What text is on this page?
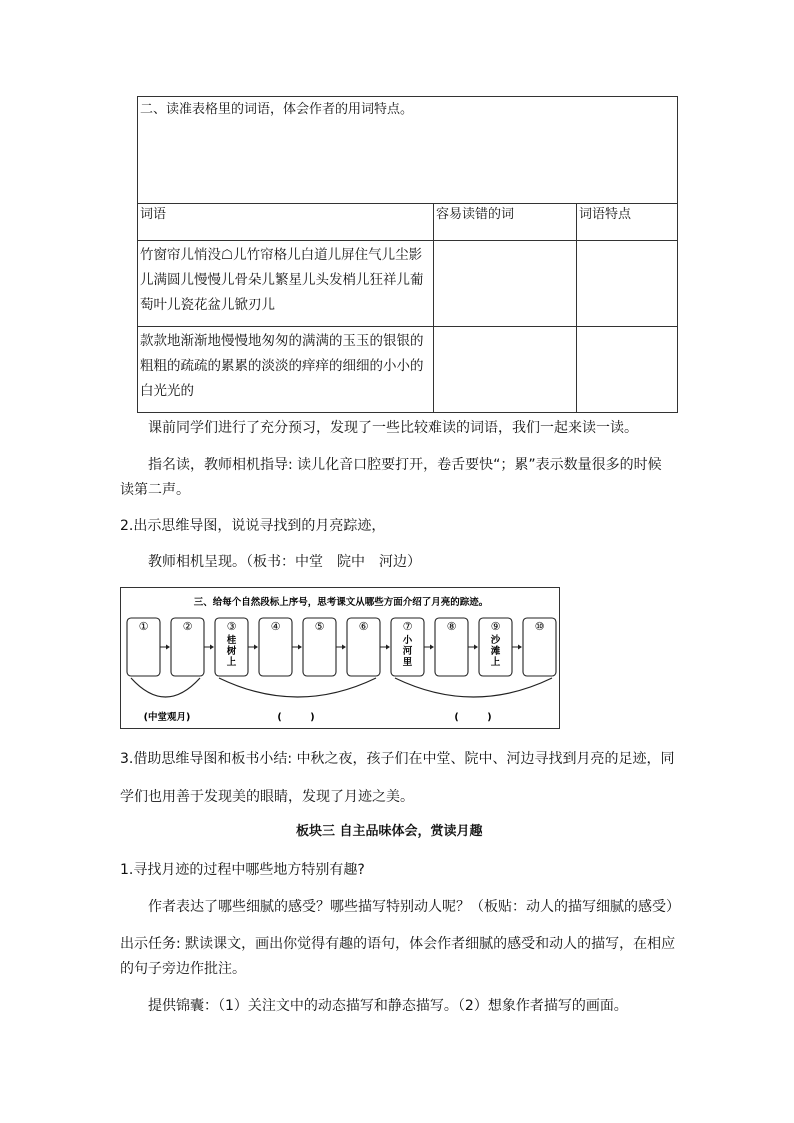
二、读准表格里的词语，体会作者的用词特点。
词语	容易读错的词	词语特点
竹窗帘儿悄没☖儿竹帘格儿白道儿屏住气儿尘影儿满圆儿慢慢儿骨朵儿繁星儿头发梢儿狂祥儿葡萄叶儿瓷花盆儿锨刃儿
款款地渐渐地慢慢地匆匆的满满的玉玉的银银的粗粗的疏疏的累累的淡淡的痒痒的细细的小小的白光光的
课前同学们进行了充分预习，发现了一些比较难读的词语，我们一起来读一读。
指名读，教师相机指导: 读儿化音口腔要打开，卷舌要快“；累”表示数量很多的时候
读第二声。
2.出示思维导图，说说寻找到的月亮踪迹，
教师相机呈现。（板书：中堂　院中　河边）
三、给每个自然段标上序号，思考课文从哪些方面介绍了月亮的踪迹。
①	②	③
桂
树
上
④	⑤	⑥	⑦
小
河
里
⑧	⑨
沙
滩
上
⑩
(中堂观月)	(　　　)	(　　　)
3.借助思维导图和板书小结: 中秋之夜，孩子们在中堂、院中、河边寻找到月亮的足迹，同
学们也用善于发现美的眼睛，发现了月迹之美。
板块三 自主品味体会，赏读月趣
1.寻找月迹的过程中哪些地方特别有趣?
作者表达了哪些细腻的感受？哪些描写特别动人呢？（板贴：动人的描写细腻的感受）
出示任务: 默读课文，画出你觉得有趣的语句，体会作者细腻的感受和动人的描写，在相应
的句子旁边作批注。
提供锦囊：（1）关注文中的动态描写和静态描写。（2）想象作者描写的画面。
